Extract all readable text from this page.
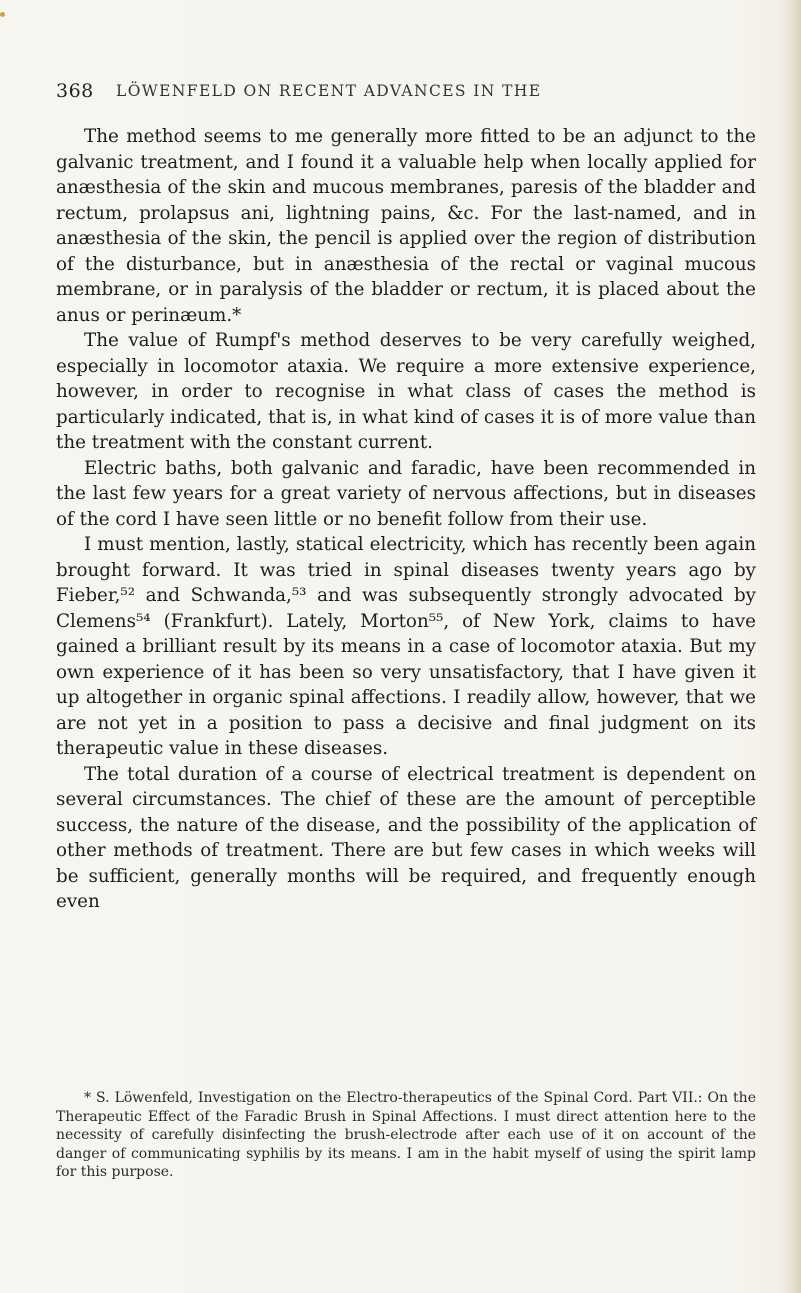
368 LÖWENFELD ON RECENT ADVANCES IN THE

The method seems to me generally more fitted to be an adjunct to the galvanic treatment, and I found it a valuable help when locally applied for anæsthesia of the skin and mucous membranes, paresis of the bladder and rectum, prolapsus ani, lightning pains, &c. For the last-named, and in anæsthesia of the skin, the pencil is applied over the region of distribution of the disturbance, but in anæsthesia of the rectal or vaginal mucous membrane, or in paralysis of the bladder or rectum, it is placed about the anus or perinæum.*

The value of Rumpf's method deserves to be very carefully weighed, especially in locomotor ataxia. We require a more extensive experience, however, in order to recognise in what class of cases the method is particularly indicated, that is, in what kind of cases it is of more value than the treatment with the constant current.

Electric baths, both galvanic and faradic, have been recommended in the last few years for a great variety of nervous affections, but in diseases of the cord I have seen little or no benefit follow from their use.

I must mention, lastly, statical electricity, which has recently been again brought forward. It was tried in spinal diseases twenty years ago by Fieber,⁵² and Schwanda,⁵³ and was subsequently strongly advocated by Clemens⁵⁴ (Frankfurt). Lately, Morton⁵⁵, of New York, claims to have gained a brilliant result by its means in a case of locomotor ataxia. But my own experience of it has been so very unsatisfactory, that I have given it up altogether in organic spinal affections. I readily allow, however, that we are not yet in a position to pass a decisive and final judgment on its therapeutic value in these diseases.

The total duration of a course of electrical treatment is dependent on several circumstances. The chief of these are the amount of perceptible success, the nature of the disease, and the possibility of the application of other methods of treatment. There are but few cases in which weeks will be sufficient, generally months will be required, and frequently enough even

* S. Löwenfeld, Investigation on the Electro-therapeutics of the Spinal Cord. Part VII.: On the Therapeutic Effect of the Faradic Brush in Spinal Affections. I must direct attention here to the necessity of carefully disinfecting the brush-electrode after each use of it on account of the danger of communicating syphilis by its means. I am in the habit myself of using the spirit lamp for this purpose.
